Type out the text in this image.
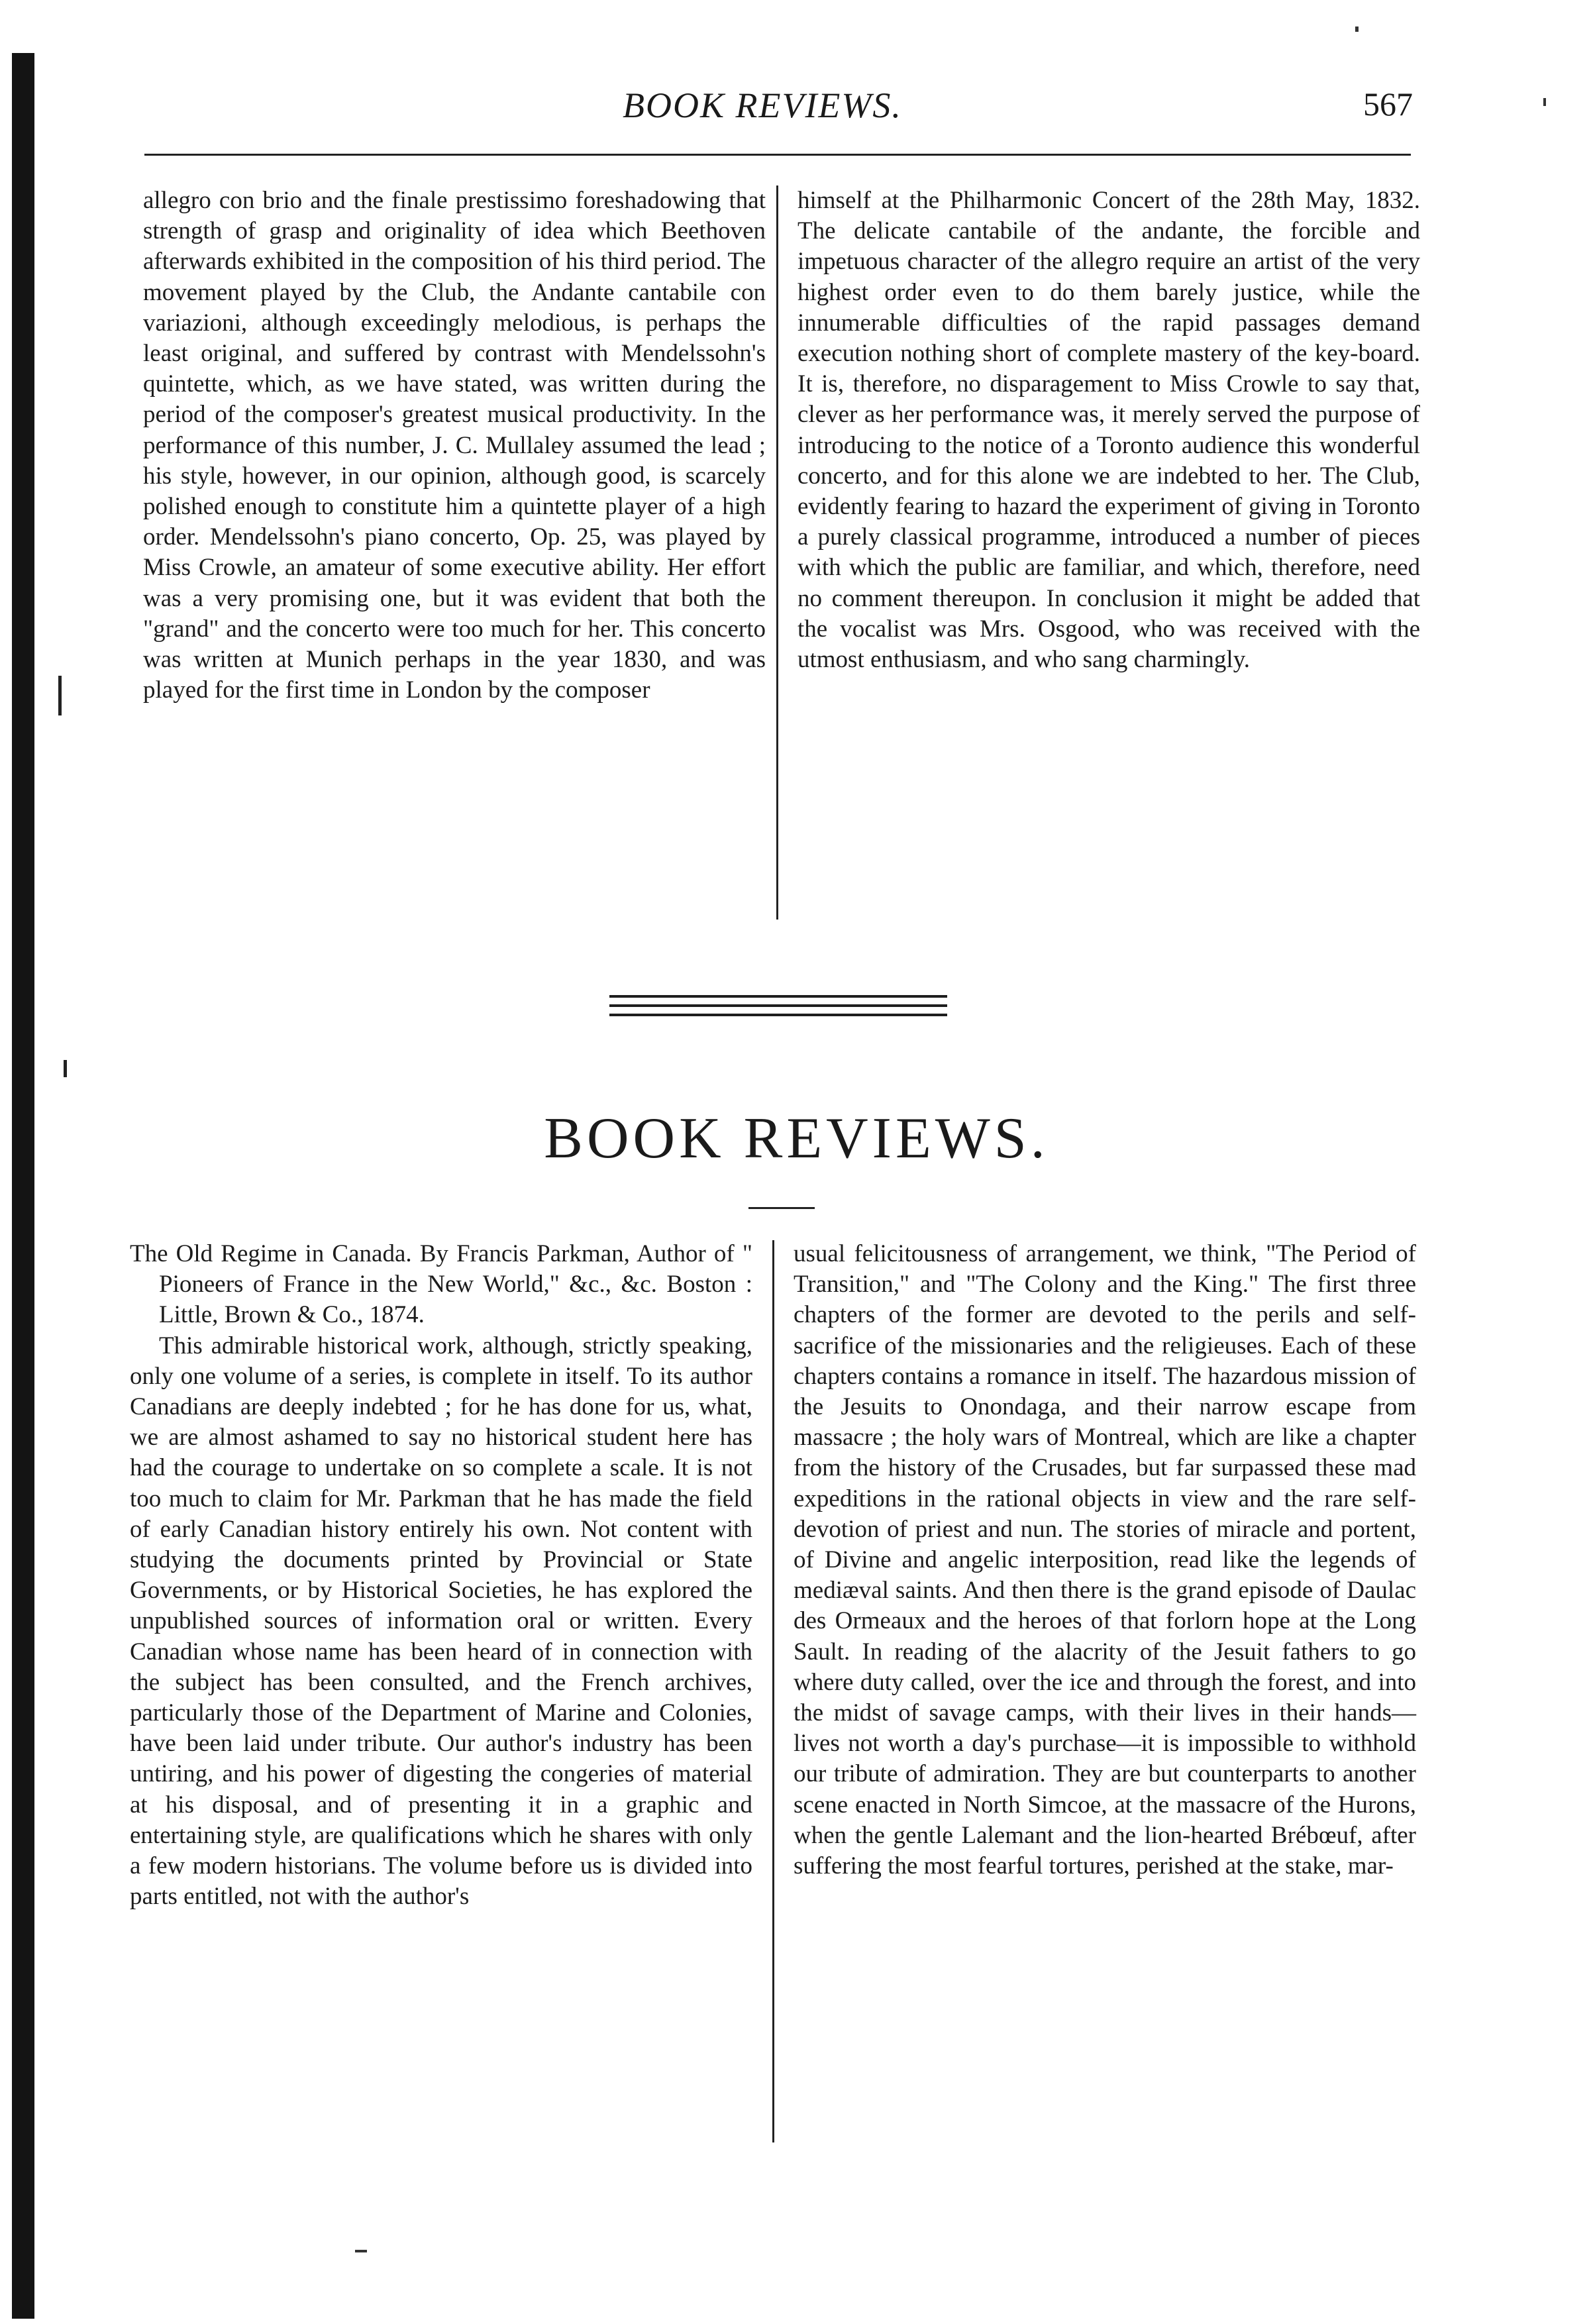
BOOK REVIEWS.	567

allegro con brio and the finale prestissimo foreshadowing that strength of grasp and originality of idea which Beethoven afterwards exhibited in the composition of his third period. The movement played by the Club, the Andante cantabile con variazioni, although exceedingly melodious, is perhaps the least original, and suffered by contrast with Mendelssohn's quintette, which, as we have stated, was written during the period of the composer's greatest musical productivity. In the performance of this number, J. C. Mullaley assumed the lead ; his style, however, in our opinion, although good, is scarcely polished enough to constitute him a quintette player of a high order. Mendelssohn's piano concerto, Op. 25, was played by Miss Crowle, an amateur of some executive ability. Her effort was a very promising one, but it was evident that both the "grand" and the concerto were too much for her. This concerto was written at Munich perhaps in the year 1830, and was played for the first time in London by the composer

himself at the Philharmonic Concert of the 28th May, 1832. The delicate cantabile of the andante, the forcible and impetuous character of the allegro require an artist of the very highest order even to do them barely justice, while the innumerable difficulties of the rapid passages demand execution nothing short of complete mastery of the key-board. It is, therefore, no disparagement to Miss Crowle to say that, clever as her performance was, it merely served the purpose of introducing to the notice of a Toronto audience this wonderful concerto, and for this alone we are indebted to her. The Club, evidently fearing to hazard the experiment of giving in Toronto a purely classical programme, introduced a number of pieces with which the public are familiar, and which, therefore, need no comment thereupon. In conclusion it might be added that the vocalist was Mrs. Osgood, who was received with the utmost enthusiasm, and who sang charmingly.

BOOK REVIEWS.

The Old Regime in Canada. By Francis Parkman, Author of " Pioneers of France in the New World," &c., &c. Boston : Little, Brown & Co., 1874.

This admirable historical work, although, strictly speaking, only one volume of a series, is complete in itself. To its author Canadians are deeply indebted ; for he has done for us, what, we are almost ashamed to say no historical student here has had the courage to undertake on so complete a scale. It is not too much to claim for Mr. Parkman that he has made the field of early Canadian history entirely his own. Not content with studying the documents printed by Provincial or State Governments, or by Historical Societies, he has explored the unpublished sources of information oral or written. Every Canadian whose name has been heard of in connection with the subject has been consulted, and the French archives, particularly those of the Department of Marine and Colonies, have been laid under tribute. Our author's industry has been untiring, and his power of digesting the congeries of material at his disposal, and of presenting it in a graphic and entertaining style, are qualifications which he shares with only a few modern historians. The volume before us is divided into parts entitled, not with the author's

usual felicitousness of arrangement, we think, "The Period of Transition," and "The Colony and the King." The first three chapters of the former are devoted to the perils and self-sacrifice of the missionaries and the religieuses. Each of these chapters contains a romance in itself. The hazardous mission of the Jesuits to Onondaga, and their narrow escape from massacre ; the holy wars of Montreal, which are like a chapter from the history of the Crusades, but far surpassed these mad expeditions in the rational objects in view and the rare self-devotion of priest and nun. The stories of miracle and portent, of Divine and angelic interposition, read like the legends of mediæval saints. And then there is the grand episode of Daulac des Ormeaux and the heroes of that forlorn hope at the Long Sault. In reading of the alacrity of the Jesuit fathers to go where duty called, over the ice and through the forest, and into the midst of savage camps, with their lives in their hands—lives not worth a day's purchase—it is impossible to withhold our tribute of admiration. They are but counterparts to another scene enacted in North Simcoe, at the massacre of the Hurons, when the gentle Lalemant and the lion-hearted Brébœuf, after suffering the most fearful tortures, perished at the stake, mar-
